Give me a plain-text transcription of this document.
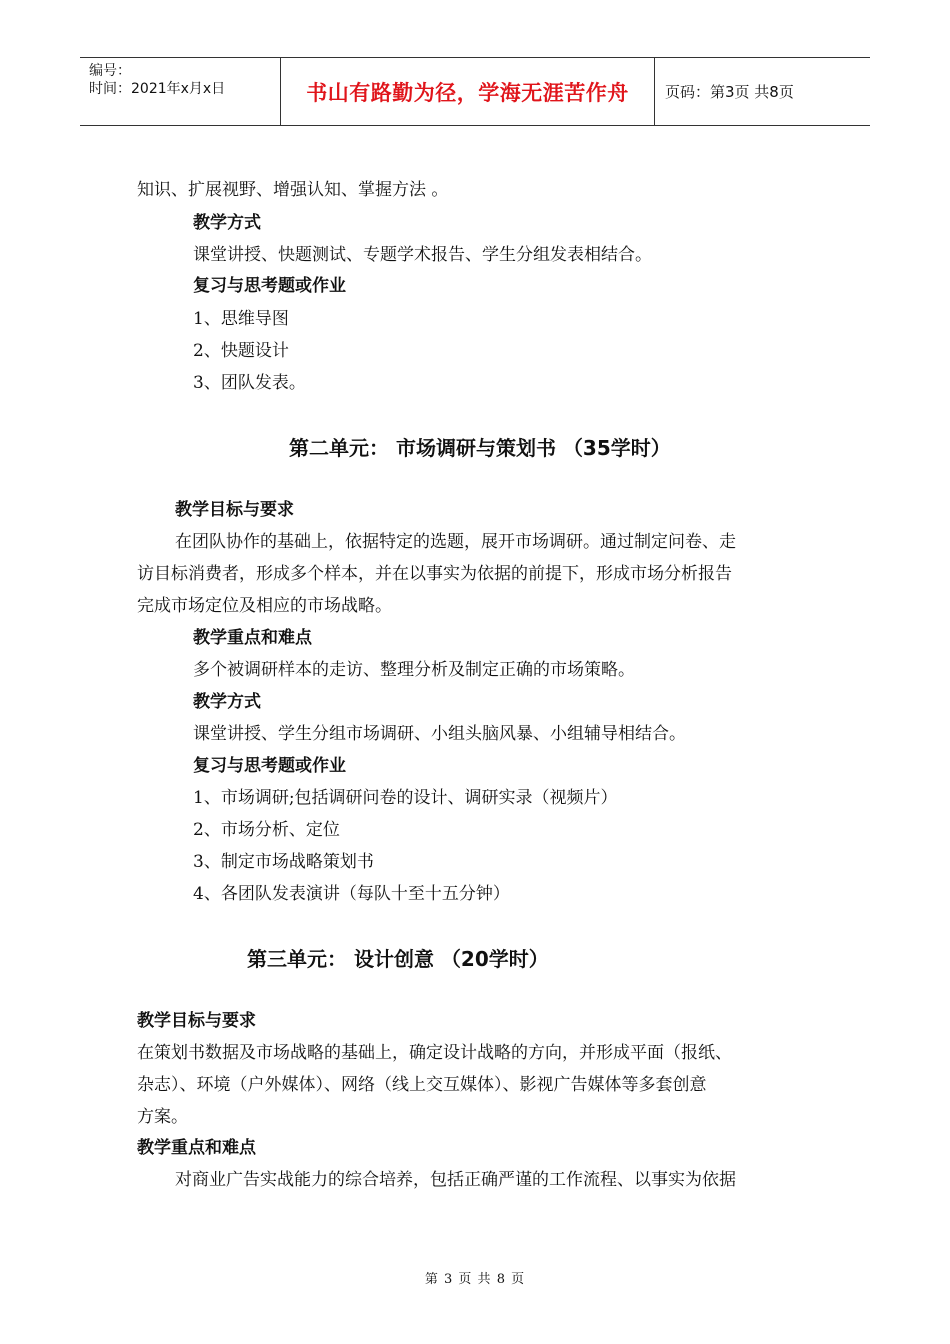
编号：
时间：2021年x月x日	书山有路勤为径，学海无涯苦作舟	页码：第3页 共8页
知识、扩展视野、增强认知、掌握方法 。
教学方式
课堂讲授、快题测试、专题学术报告、学生分组发表相结合。
复习与思考题或作业
1、思维导图
2、快题设计
3、团队发表。
第二单元： 市场调研与策划书 （35学时）
教学目标与要求
在团队协作的基础上，依据特定的选题，展开市场调研。通过制定问卷、走
访目标消费者，形成多个样本，并在以事实为依据的前提下，形成市场分析报告
完成市场定位及相应的市场战略。
教学重点和难点
多个被调研样本的走访、整理分析及制定正确的市场策略。
教学方式
课堂讲授、学生分组市场调研、小组头脑风暴、小组辅导相结合。
复习与思考题或作业
1、市场调研;包括调研问卷的设计、调研实录（视频片）
2、市场分析、定位
3、制定市场战略策划书
4、各团队发表演讲（每队十至十五分钟）
第三单元： 设计创意 （20学时）
教学目标与要求
在策划书数据及市场战略的基础上，确定设计战略的方向，并形成平面（报纸、
杂志）、环境（户外媒体）、网络（线上交互媒体）、影视广告媒体等多套创意
方案。
教学重点和难点
对商业广告实战能力的综合培养，包括正确严谨的工作流程、以事实为依据
第 3 页 共 8 页
